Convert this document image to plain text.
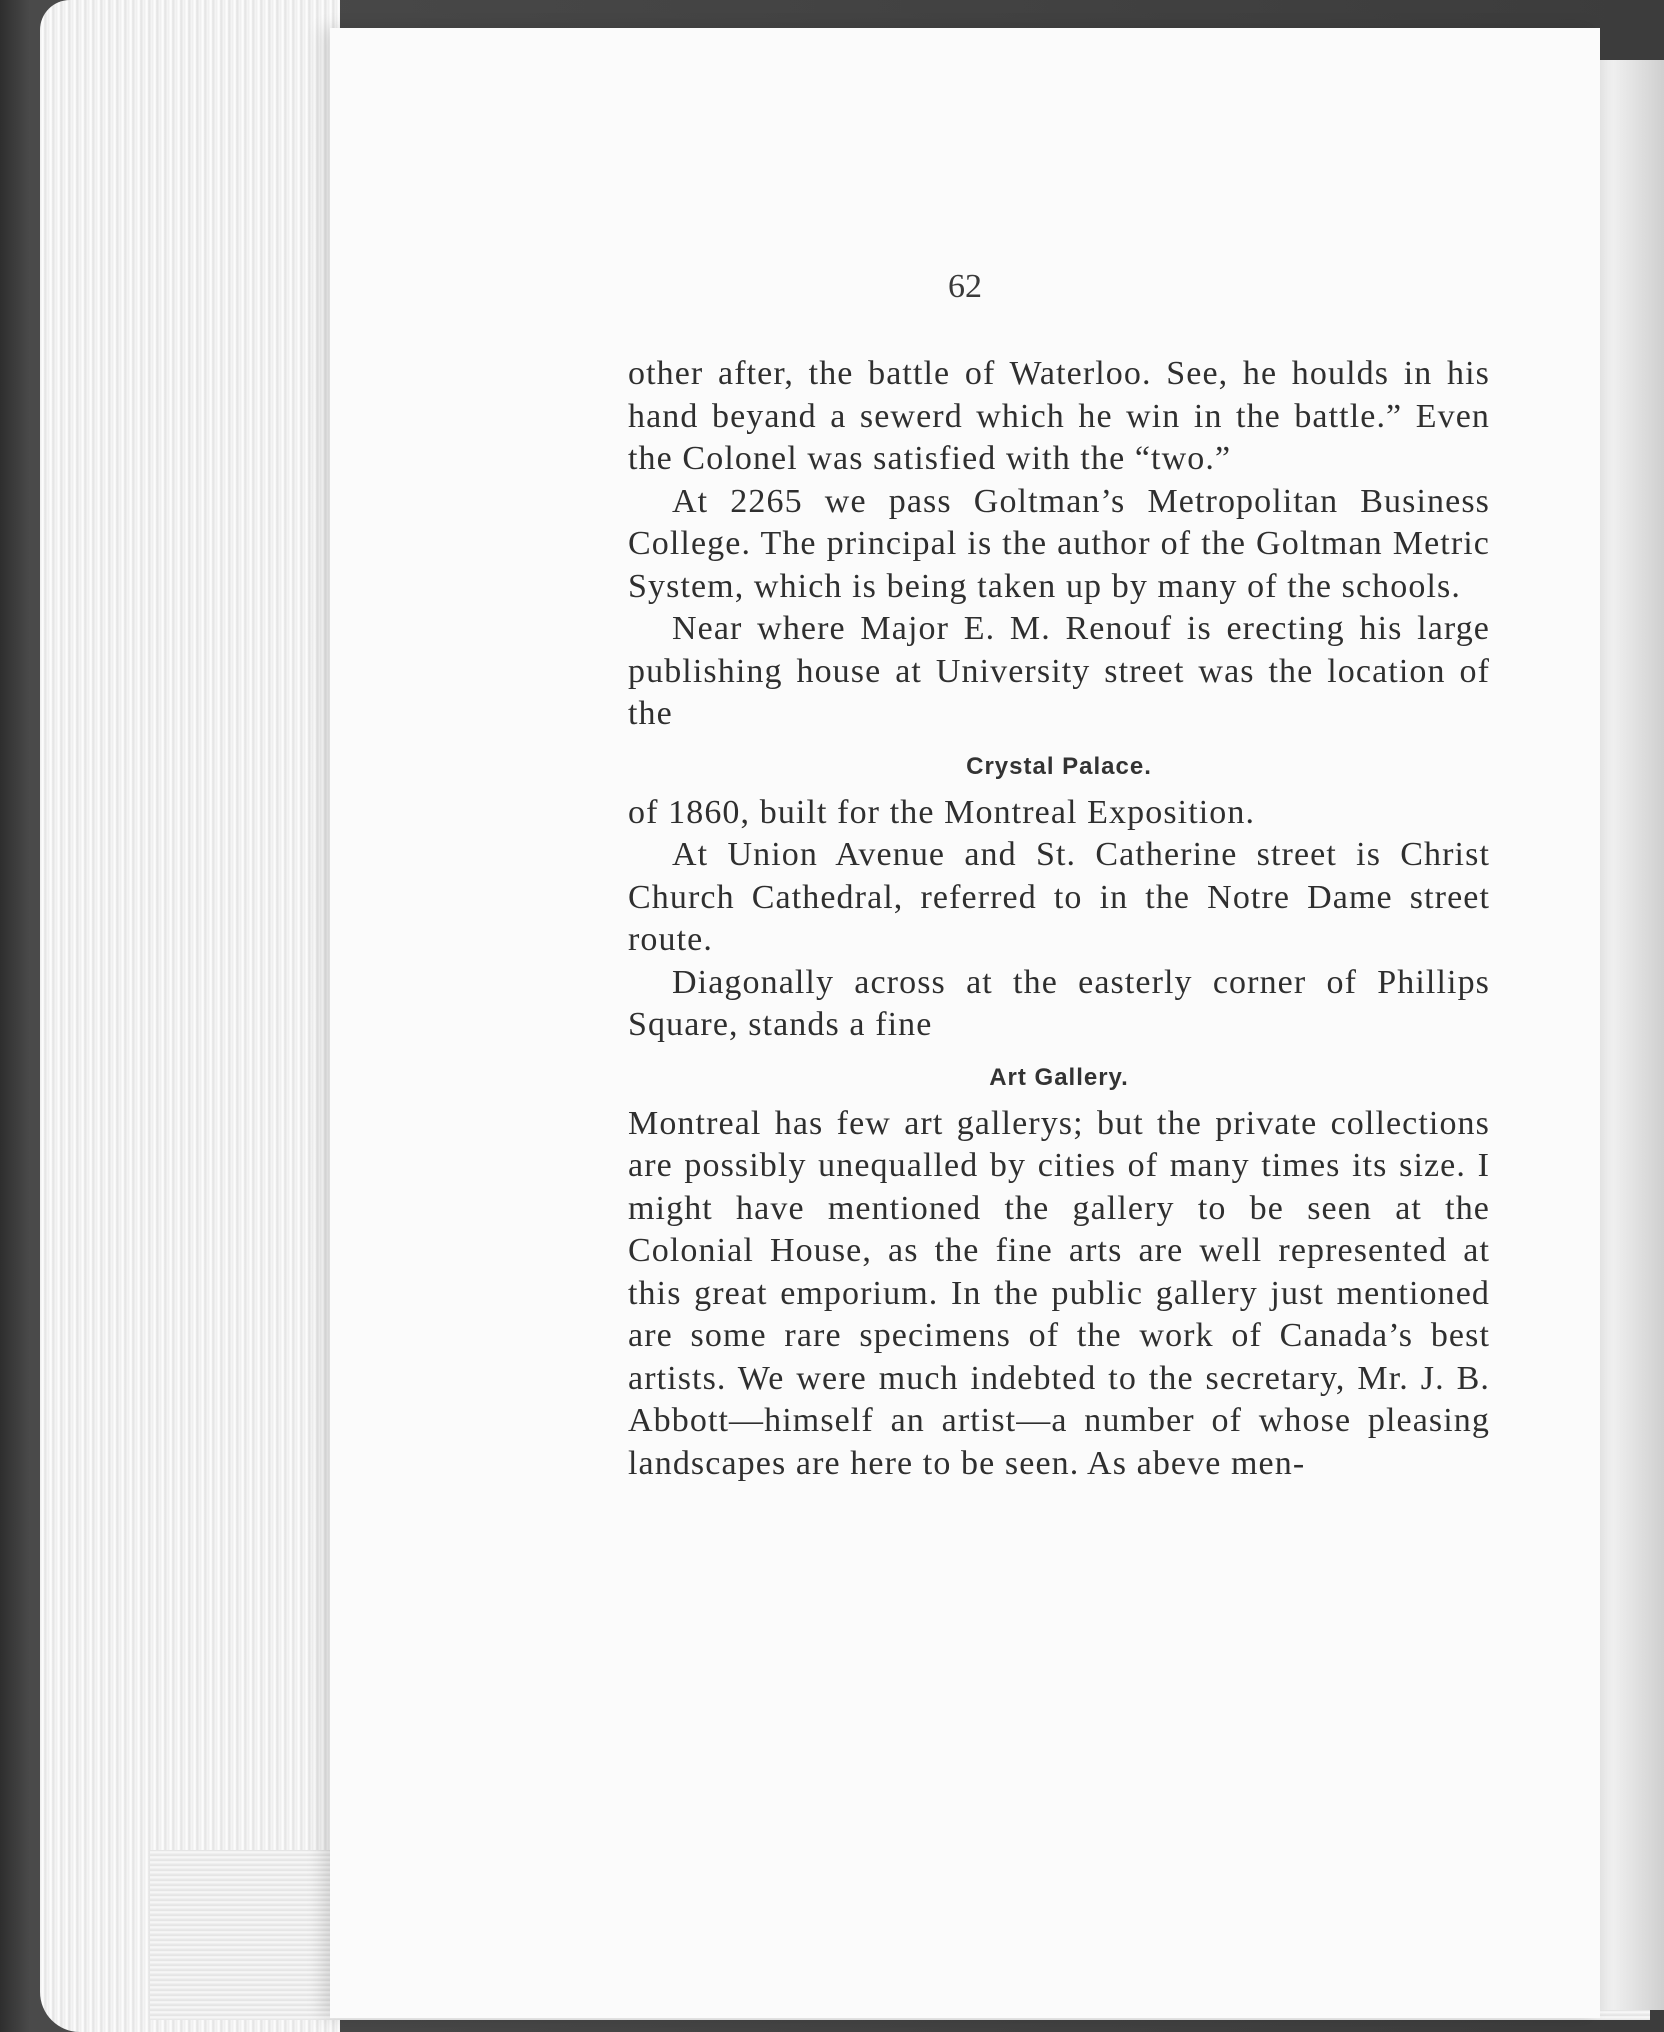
62

other after, the battle of Waterloo. See, he houlds in his hand beyand a sewerd which he win in the battle.” Even the Colonel was satisfied with the “two.”

At 2265 we pass Goltman’s Metropolitan Business College. The principal is the author of the Goltman Metric System, which is being taken up by many of the schools.

Near where Major E. M. Renouf is erecting his large publishing house at University street was the location of the

Crystal Palace.

of 1860, built for the Montreal Exposition.

At Union Avenue and St. Catherine street is Christ Church Cathedral, referred to in the Notre Dame street route.

Diagonally across at the easterly corner of Phillips Square, stands a fine

Art Gallery.

Montreal has few art gallerys; but the private collections are possibly unequalled by cities of many times its size. I might have mentioned the gallery to be seen at the Colonial House, as the fine arts are well represented at this great emporium. In the public gallery just mentioned are some rare specimens of the work of Canada’s best artists. We were much indebted to the secretary, Mr. J. B. Abbott—himself an artist—a number of whose pleasing landscapes are here to be seen. As abeve men-
